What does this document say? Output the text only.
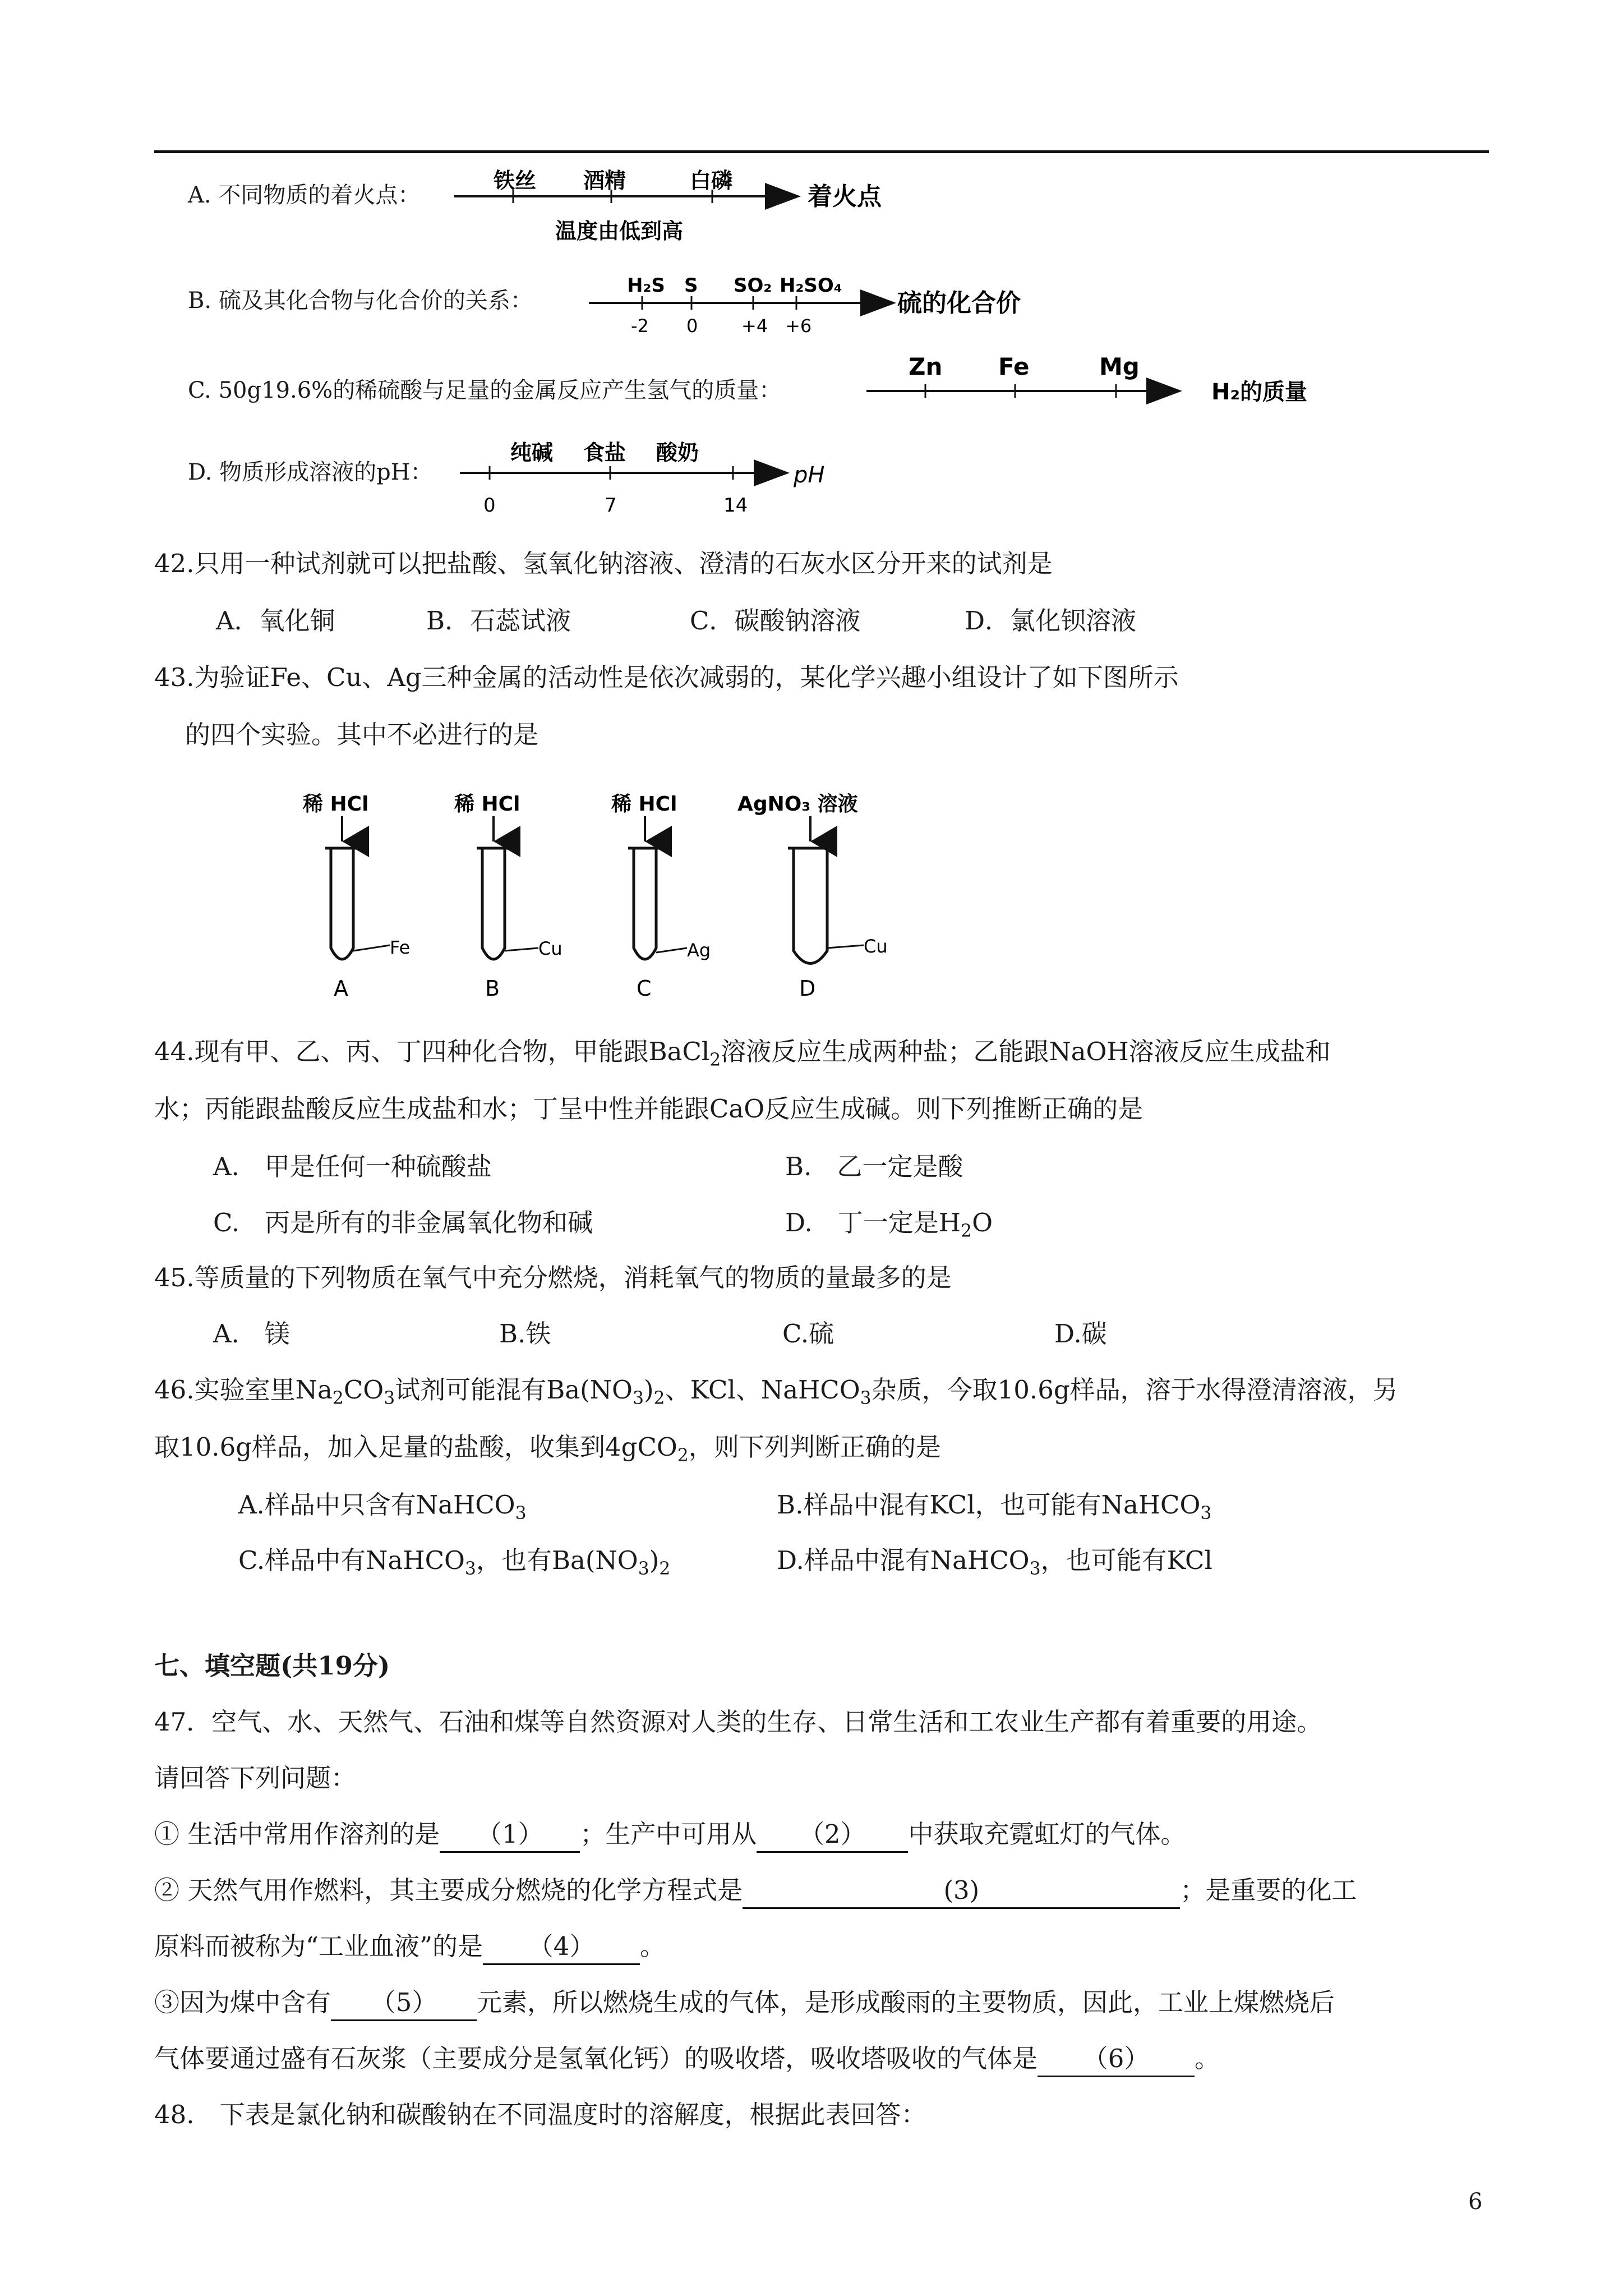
A. 不同物质的着火点：
铁丝 酒精	白磷
着火点
温度由低到高
H₂S S SO₂ H₂SO₄
-2 0 +4 +6
硫的化合价
Zn Fe	Mg
H₂的质量
纯碱 食盐 酸奶
0	7	14
pH
B. 硫及其化合物与化合价的关系：
C. 50g19.6%的稀硫酸与足量的金属反应产生氢气的质量：
D. 物质形成溶液的pH：
42.只用一种试剂就可以把盐酸、氢氧化钠溶液、澄清的石灰水区分开来的试剂是
A．氧化铜	B．石蕊试液	C．碳酸钠溶液	D．氯化钡溶液
43.为验证Fe、Cu、Ag三种金属的活动性是依次减弱的，某化学兴趣小组设计了如下图所示
的四个实验。其中不必进行的是
稀 HCl
Fe
A
稀 HCl
Cu
B
稀 HCl
Ag
C
AgNO₃ 溶液
Cu
D
44.现有甲、乙、丙、丁四种化合物，甲能跟BaCl$_2$溶液反应生成两种盐；乙能跟NaOH溶液反应生成盐和
水；丙能跟盐酸反应生成盐和水；丁呈中性并能跟CaO反应生成碱。则下列推断正确的是
A.　甲是任何一种硫酸盐	B.　乙一定是酸
C.　丙是所有的非金属氧化物和碱	D.　丁一定是$H_2O$
45.等质量的下列物质在氧气中充分燃烧，消耗氧气的物质的量最多的是
A.　镁	B.铁	C.硫	D.碳
46.实验室里$Na_2CO_3$试剂可能混有$Ba(NO_3)_2$、KCl、NaHCO$_3$杂质，今取10.6g样品，溶于水得澄清溶液，另
取10.6g样品，加入足量的盐酸，收集到4gCO$_2$，则下列判断正确的是
A.样品中只含有NaHCO$_3$	B.样品中混有KCl，也可能有NaHCO$_3$
C.样品中有NaHCO$_3$，也有$Ba(NO_3)_2$	D.样品中混有NaHCO$_3$，也可能有KCl
七、填空题(共19分)
47．空气、水、天然气、石油和煤等自然资源对人类的生存、日常生活和工农业生产都有着重要的用途。
请回答下列问题：
① 生活中常用作溶剂的是 （1） ；生产中可用从 （2） 中获取充霓虹灯的气体。
② 天然气用作燃料，其主要成分燃烧的化学方程式是	(3)	；是重要的化工
原料而被称为“工业血液”的是 （4） 。
③因为煤中含有 （5） 元素，所以燃烧生成的气体，是形成酸雨的主要物质，因此，工业上煤燃烧后
气体要通过盛有石灰浆（主要成分是氢氧化钙）的吸收塔，吸收塔吸收的气体是 （6） 。
48.　下表是氯化钠和碳酸钠在不同温度时的溶解度，根据此表回答：
6
